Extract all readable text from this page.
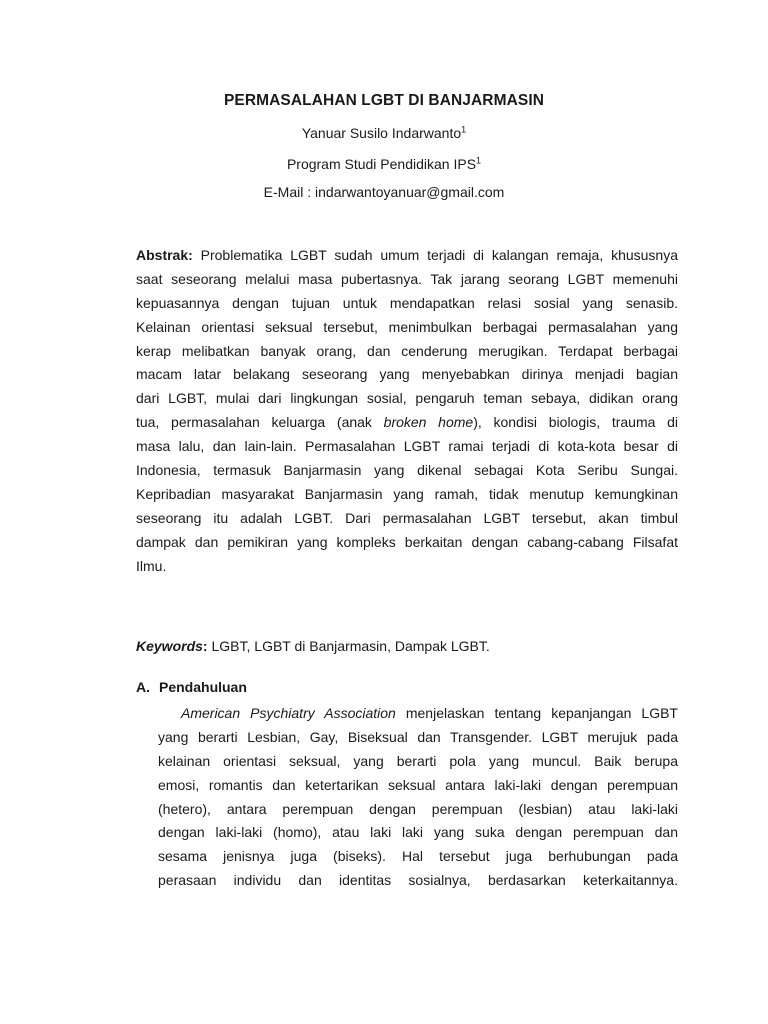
PERMASALAHAN LGBT DI BANJARMASIN
Yanuar Susilo Indarwanto$^1$
Program Studi Pendidikan IPS$^1$
E-Mail : indarwantoyanuar@gmail.com
Abstrak: Problematika LGBT sudah umum terjadi di kalangan remaja, khususnya
saat seseorang melalui masa pubertasnya. Tak jarang seorang LGBT memenuhi
kepuasannya dengan tujuan untuk mendapatkan relasi sosial yang senasib.
Kelainan orientasi seksual tersebut, menimbulkan berbagai permasalahan yang
kerap melibatkan banyak orang, dan cenderung merugikan. Terdapat berbagai
macam latar belakang seseorang yang menyebabkan dirinya menjadi bagian
dari LGBT, mulai dari lingkungan sosial, pengaruh teman sebaya, didikan orang
tua, permasalahan keluarga (anak broken home), kondisi biologis, trauma di
masa lalu, dan lain-lain. Permasalahan LGBT ramai terjadi di kota-kota besar di
Indonesia, termasuk Banjarmasin yang dikenal sebagai Kota Seribu Sungai.
Kepribadian masyarakat Banjarmasin yang ramah, tidak menutup kemungkinan
seseorang itu adalah LGBT. Dari permasalahan LGBT tersebut, akan timbul
dampak dan pemikiran yang kompleks berkaitan dengan cabang-cabang Filsafat
Ilmu.
Keywords: LGBT, LGBT di Banjarmasin, Dampak LGBT.
A. Pendahuluan
American Psychiatry Association menjelaskan tentang kepanjangan LGBT
yang berarti Lesbian, Gay, Biseksual dan Transgender. LGBT merujuk pada
kelainan orientasi seksual, yang berarti pola yang muncul. Baik berupa
emosi, romantis dan ketertarikan seksual antara laki-laki dengan perempuan
(hetero), antara perempuan dengan perempuan (lesbian) atau laki-laki
dengan laki-laki (homo), atau laki laki yang suka dengan perempuan dan
sesama jenisnya juga (biseks). Hal tersebut juga berhubungan pada
perasaan individu dan identitas sosialnya, berdasarkan keterkaitannya.
